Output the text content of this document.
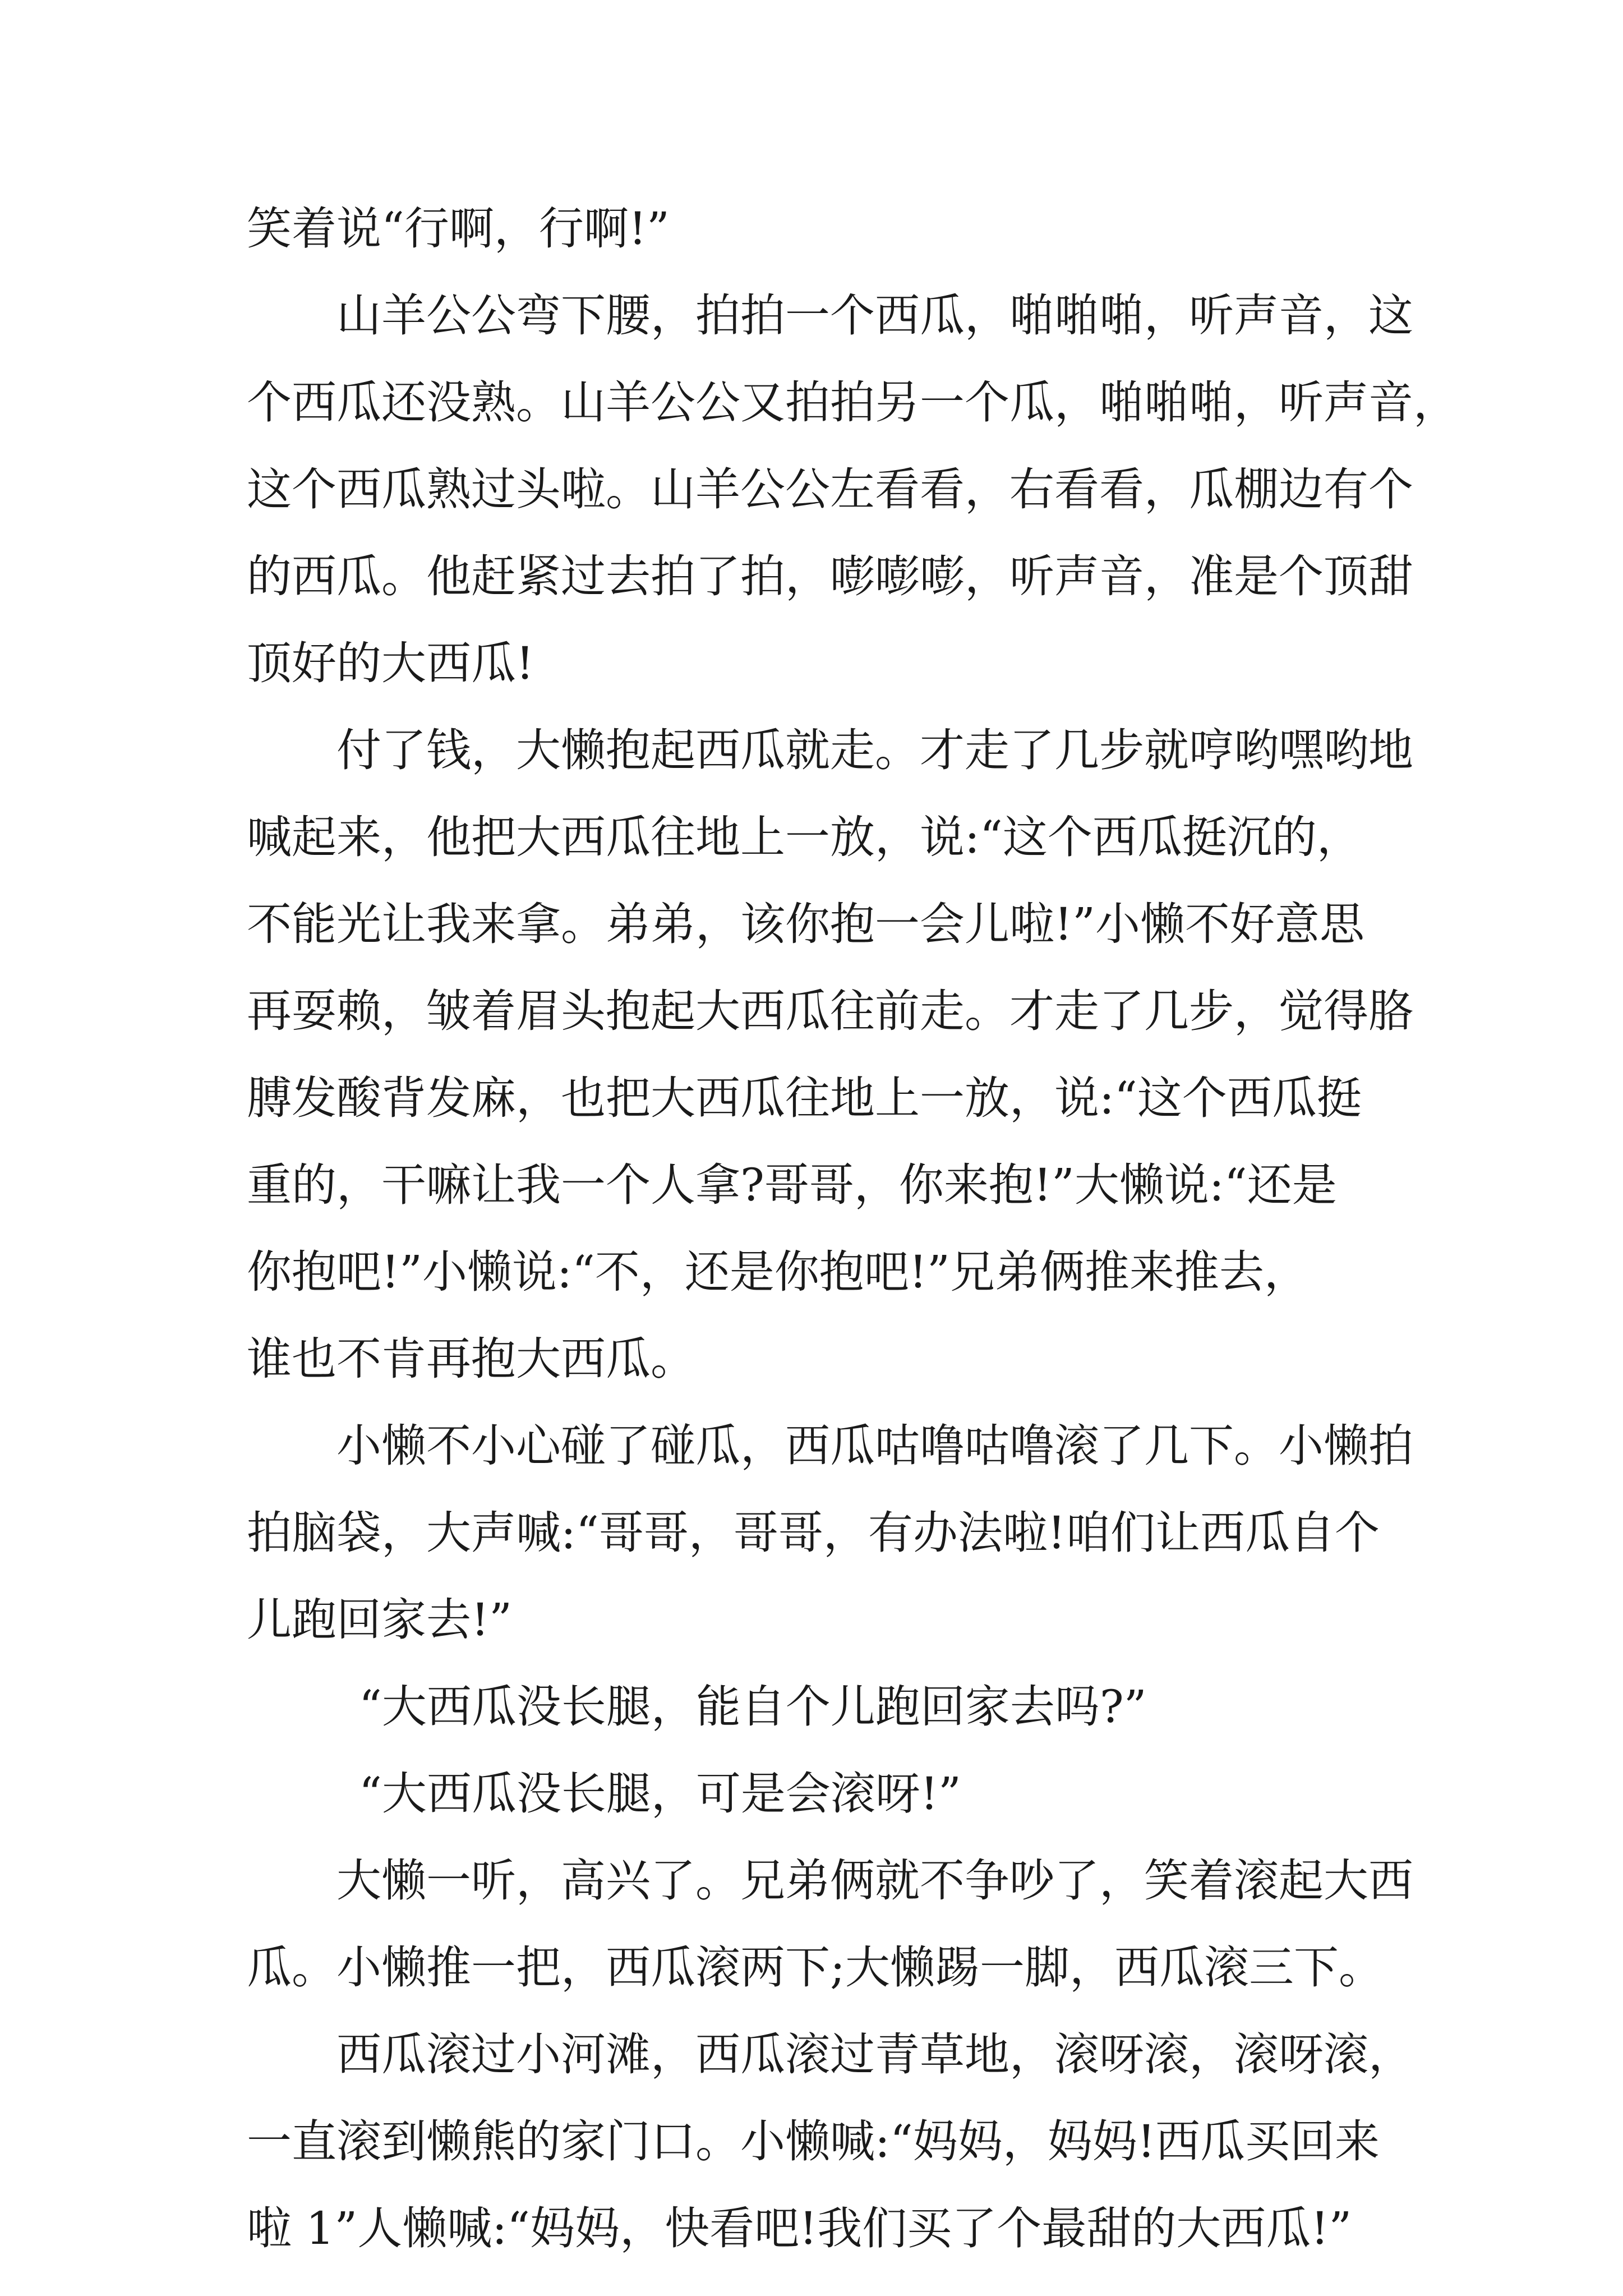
笑着说“行啊，行啊!”
山羊公公弯下腰，拍拍一个西瓜，啪啪啪，听声音，这
个西瓜还没熟。山羊公公又拍拍另一个瓜，啪啪啪，听声音，
这个西瓜熟过头啦。山羊公公左看看，右看看，瓜棚边有个
的西瓜。他赶紧过去拍了拍，嘭嘭嘭，听声音，准是个顶甜
顶好的大西瓜!
付了钱，大懒抱起西瓜就走。才走了几步就哼哟嘿哟地
喊起来，他把大西瓜往地上一放，说:“这个西瓜挺沉的，
不能光让我来拿。弟弟，该你抱一会儿啦!”小懒不好意思
再耍赖，皱着眉头抱起大西瓜往前走。才走了几步，觉得胳
膊发酸背发麻，也把大西瓜往地上一放，说:“这个西瓜挺
重的，干嘛让我一个人拿?哥哥，你来抱!”大懒说:“还是
你抱吧!”小懒说:“不，还是你抱吧!”兄弟俩推来推去，
谁也不肯再抱大西瓜。
小懒不小心碰了碰瓜，西瓜咕噜咕噜滚了几下。小懒拍
拍脑袋，大声喊:“哥哥，哥哥，有办法啦!咱们让西瓜自个
儿跑回家去!”
“大西瓜没长腿，能自个儿跑回家去吗?”
“大西瓜没长腿，可是会滚呀!”
大懒一听，高兴了。兄弟俩就不争吵了，笑着滚起大西
瓜。小懒推一把，西瓜滚两下;大懒踢一脚，西瓜滚三下。
西瓜滚过小河滩，西瓜滚过青草地，滚呀滚，滚呀滚，
一直滚到懒熊的家门口。小懒喊:“妈妈，妈妈!西瓜买回来
啦 1”人懒喊:“妈妈，快看吧!我们买了个最甜的大西瓜!”
